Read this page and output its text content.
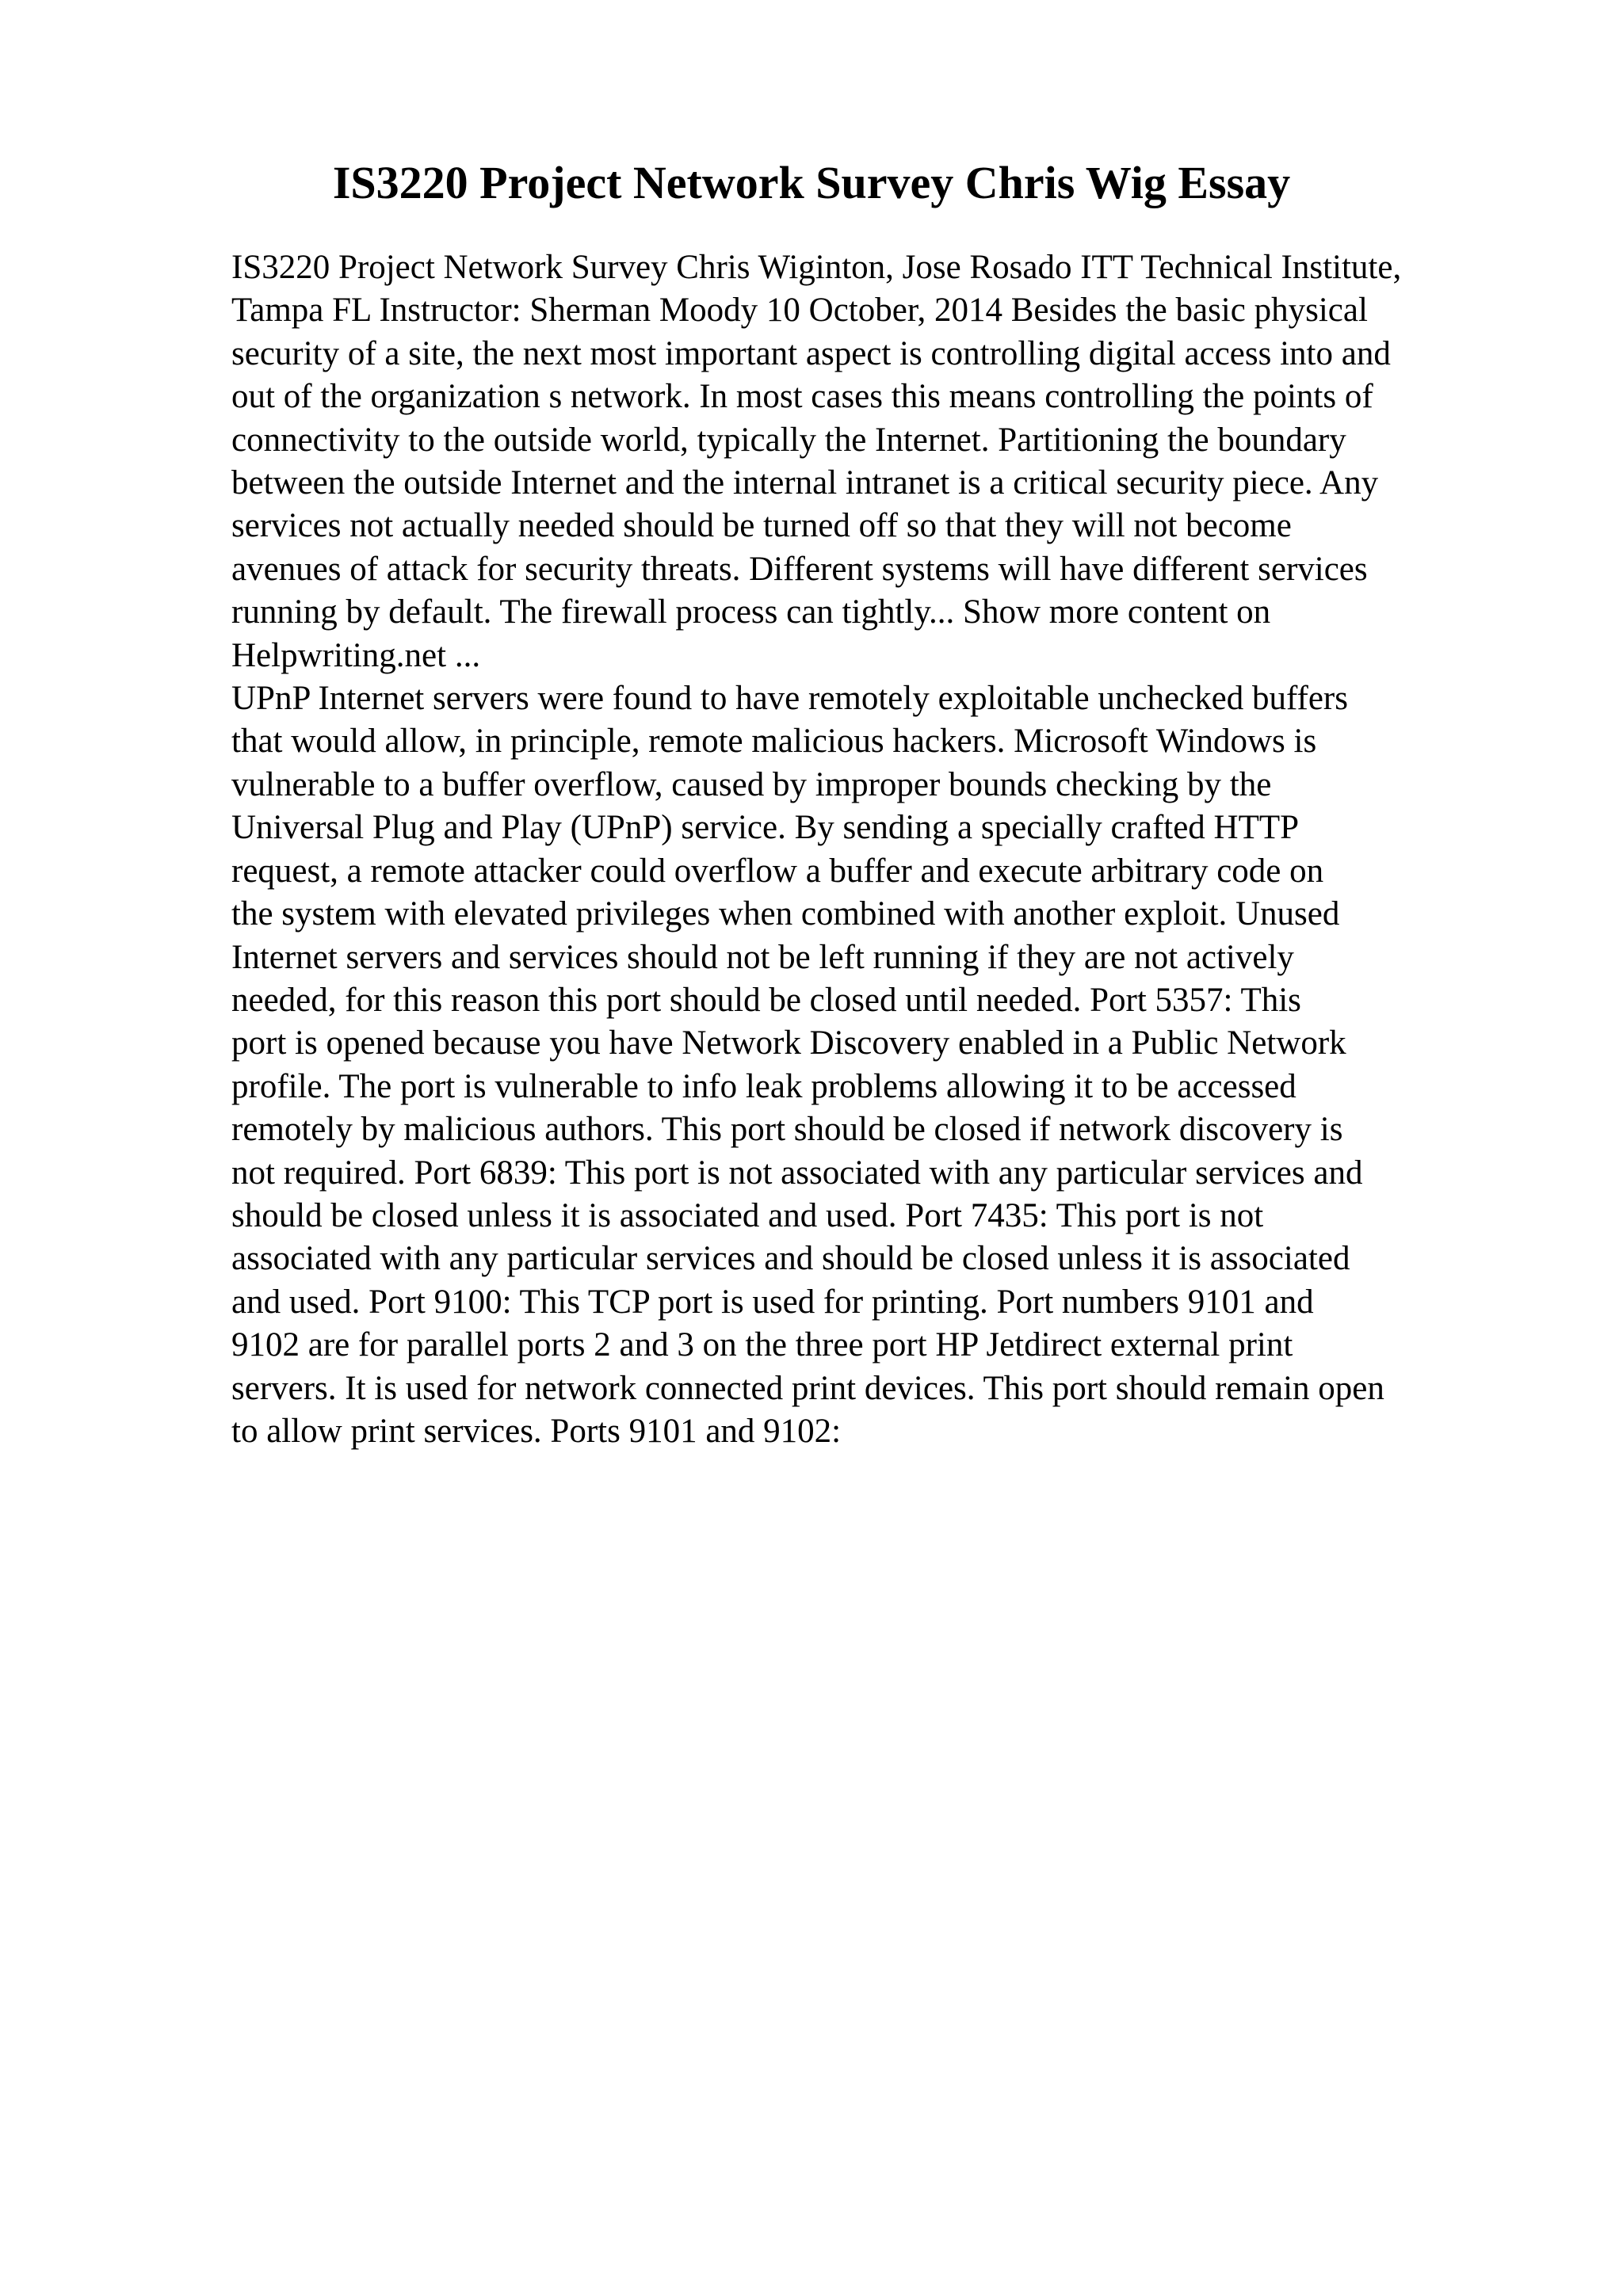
IS3220 Project Network Survey Chris Wig Essay
IS3220 Project Network Survey Chris Wiginton, Jose Rosado ITT Technical Institute,
Tampa FL Instructor: Sherman Moody 10 October, 2014 Besides the basic physical
security of a site, the next most important aspect is controlling digital access into and
out of the organization s network. In most cases this means controlling the points of
connectivity to the outside world, typically the Internet. Partitioning the boundary
between the outside Internet and the internal intranet is a critical security piece. Any
services not actually needed should be turned off so that they will not become
avenues of attack for security threats. Different systems will have different services
running by default. The firewall process can tightly... Show more content on
Helpwriting.net ...
UPnP Internet servers were found to have remotely exploitable unchecked buffers
that would allow, in principle, remote malicious hackers. Microsoft Windows is
vulnerable to a buffer overflow, caused by improper bounds checking by the
Universal Plug and Play (UPnP) service. By sending a specially crafted HTTP
request, a remote attacker could overflow a buffer and execute arbitrary code on
the system with elevated privileges when combined with another exploit. Unused
Internet servers and services should not be left running if they are not actively
needed, for this reason this port should be closed until needed. Port 5357: This
port is opened because you have Network Discovery enabled in a Public Network
profile. The port is vulnerable to info leak problems allowing it to be accessed
remotely by malicious authors. This port should be closed if network discovery is
not required. Port 6839: This port is not associated with any particular services and
should be closed unless it is associated and used. Port 7435: This port is not
associated with any particular services and should be closed unless it is associated
and used. Port 9100: This TCP port is used for printing. Port numbers 9101 and
9102 are for parallel ports 2 and 3 on the three port HP Jetdirect external print
servers. It is used for network connected print devices. This port should remain open
to allow print services. Ports 9101 and 9102:
